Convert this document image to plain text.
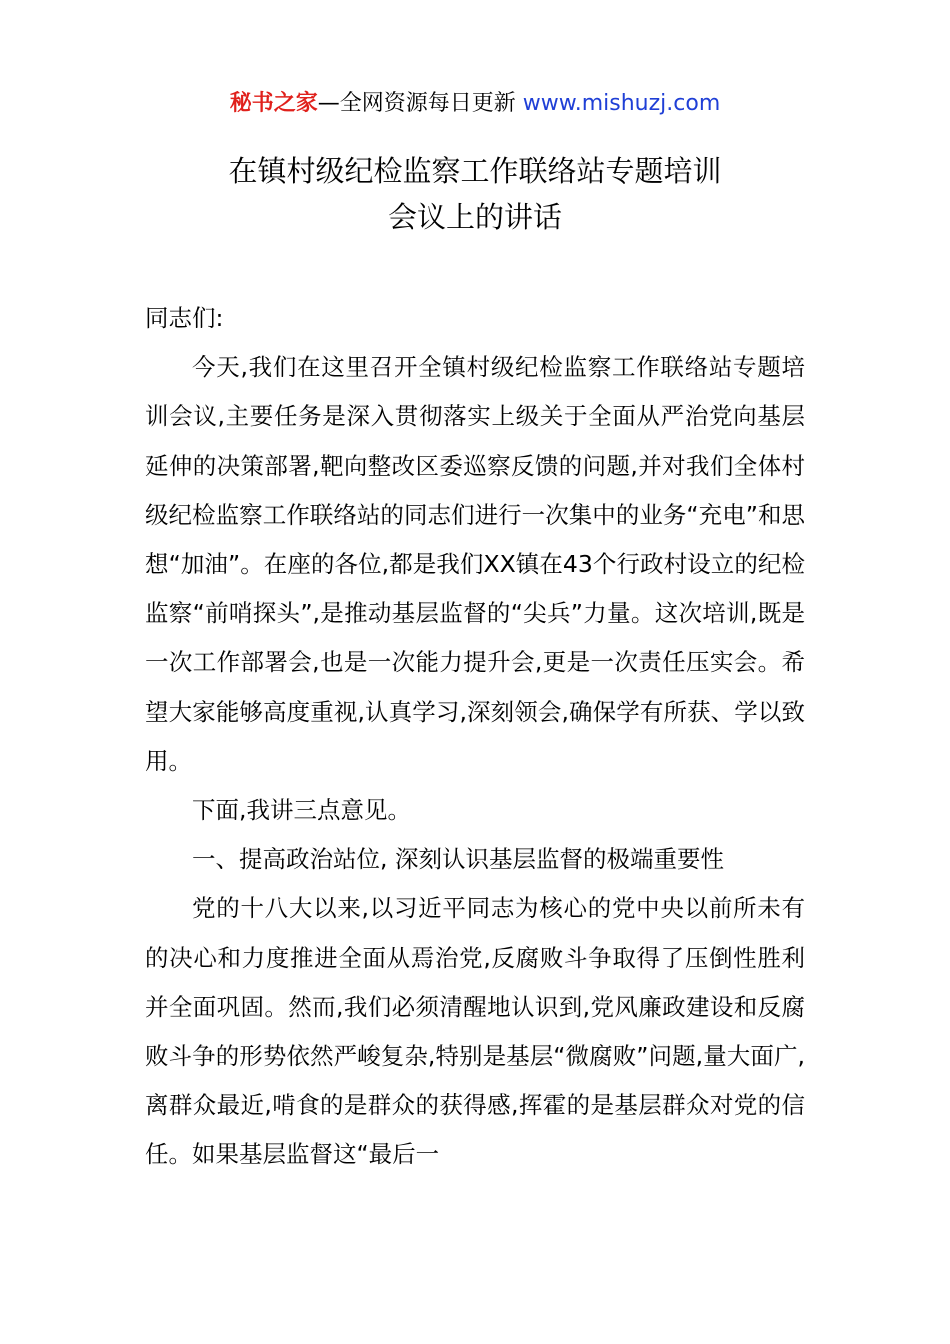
秘书之家—全网资源每日更新 www.mishuzj.com
在镇村级纪检监察工作联络站专题培训
会议上的讲话

同志们:

今天,我们在这里召开全镇村级纪检监察工作联络站专题培训会议,主要任务是深入贯彻落实上级关于全面从严治党向基层延伸的决策部署,靶向整改区委巡察反馈的问题,并对我们全体村级纪检监察工作联络站的同志们进行一次集中的业务“充电”和思想“加油”。在座的各位,都是我们XX镇在43个行政村设立的纪检监察“前哨探头”,是推动基层监督的“尖兵”力量。这次培训,既是一次工作部署会,也是一次能力提升会,更是一次责任压实会。希望大家能够高度重视,认真学习,深刻领会,确保学有所获、学以致用。

下面,我讲三点意见。

一、提高政治站位, 深刻认识基层监督的极端重要性

党的十八大以来,以习近平同志为核心的党中央以前所未有的决心和力度推进全面从焉治党,反腐败斗争取得了压倒性胜利并全面巩固。然而,我们必须清醒地认识到,党风廉政建设和反腐败斗争的形势依然严峻复杂,特别是基层“微腐败”问题,量大面广,离群众最近,啃食的是群众的获得感,挥霍的是基层群众对党的信任。如果基层监督这“最后一
